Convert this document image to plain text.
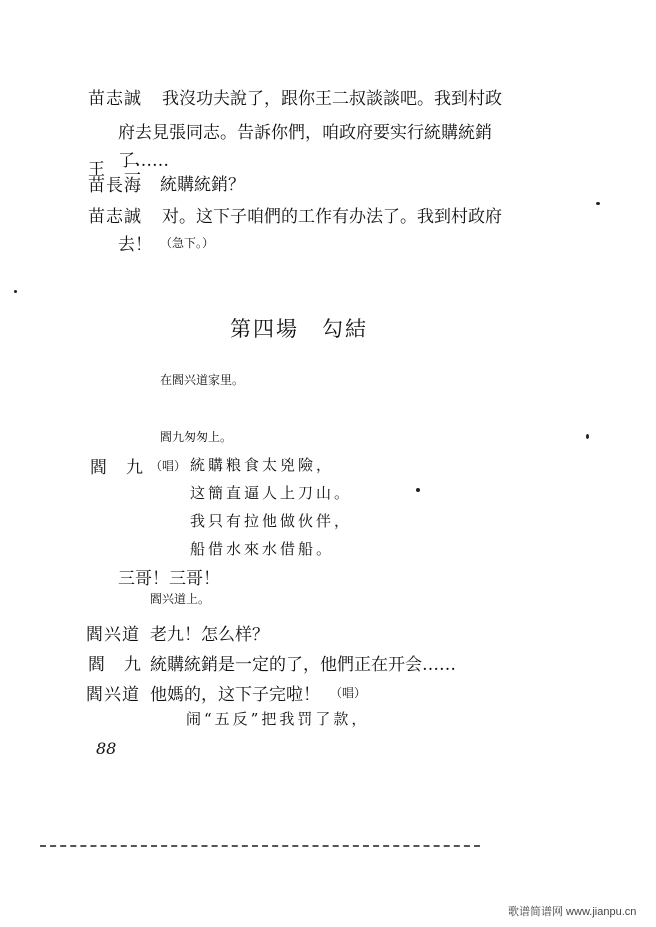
苗志誠 我沒功夫說了，跟你王二叔談談吧。我到村政
府去見張同志。告訴你們，咱政府要实行統購統銷
了……
王　二
苗長海 統購統銷？
苗志誠 对。这下子咱們的工作有办法了。我到村政府
去！ （急下。）
第四場　勾結
在閻兴道家里。
閻九匆匆上。
閻　九 （唱） 統購粮食太兇險，
这簡直逼人上刀山。
我只有拉他做伙伴，
船借水來水借船。
三哥！三哥！
閻兴道上。
閻兴道 老九！怎么样？
閻　九 統購統銷是一定的了，他們正在开会……
閻兴道 他媽的，这下子完啦！ （唱）
闹“五反”把我罚了款，
88
歌谱简谱网 www.jianpu.cn
